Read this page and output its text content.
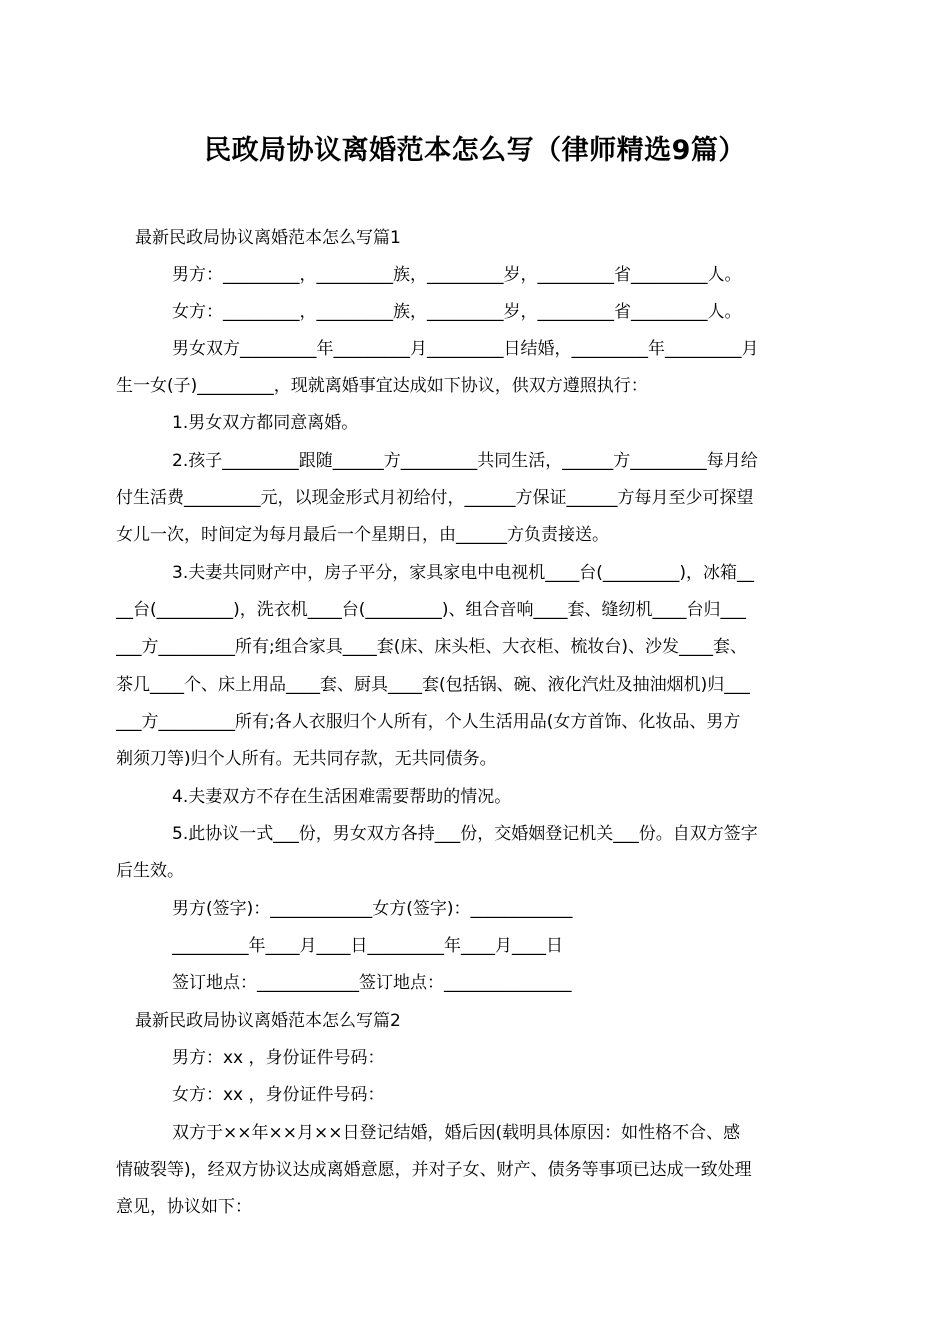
民政局协议离婚范本怎么写（律师精选9篇）
最新民政局协议离婚范本怎么写篇1
男方：_________，_________族，_________岁，_________省_________人。
女方：_________，_________族，_________岁，_________省_________人。
男女双方_________年_________月_________日结婚，_________年_________月
生一女(子)_________，现就离婚事宜达成如下协议，供双方遵照执行：
1.男女双方都同意离婚。
2.孩子_________跟随______方_________共同生活，______方_________每月给
付生活费_________元，以现金形式月初给付，______方保证______方每月至少可探望
女儿一次，时间定为每月最后一个星期日，由______方负责接送。
3.夫妻共同财产中，房子平分，家具家电中电视机____台(_________)，冰箱__
__台(_________)，洗衣机____台(_________)、组合音响____套、缝纫机____台归___
___方_________所有;组合家具____套(床、床头柜、大衣柜、梳妆台)、沙发____套、
茶几____个、床上用品____套、厨具____套(包括锅、碗、液化汽灶及抽油烟机)归___
___方_________所有;各人衣服归个人所有，个人生活用品(女方首饰、化妆品、男方
剃须刀等)归个人所有。无共同存款，无共同债务。
4.夫妻双方不存在生活困难需要帮助的情况。
5.此协议一式___份，男女双方各持___份，交婚姻登记机关___份。自双方签字
后生效。
男方(签字)：____________女方(签字)：____________
_________年____月____日_________年____月____日
签订地点：____________签订地点：_______________
最新民政局协议离婚范本怎么写篇2
男方：xx ，身份证件号码：
女方：xx ，身份证件号码：
双方于××年××月××日登记结婚，婚后因(载明具体原因：如性格不合、感
情破裂等)，经双方协议达成离婚意愿，并对子女、财产、债务等事项已达成一致处理
意见，协议如下：
